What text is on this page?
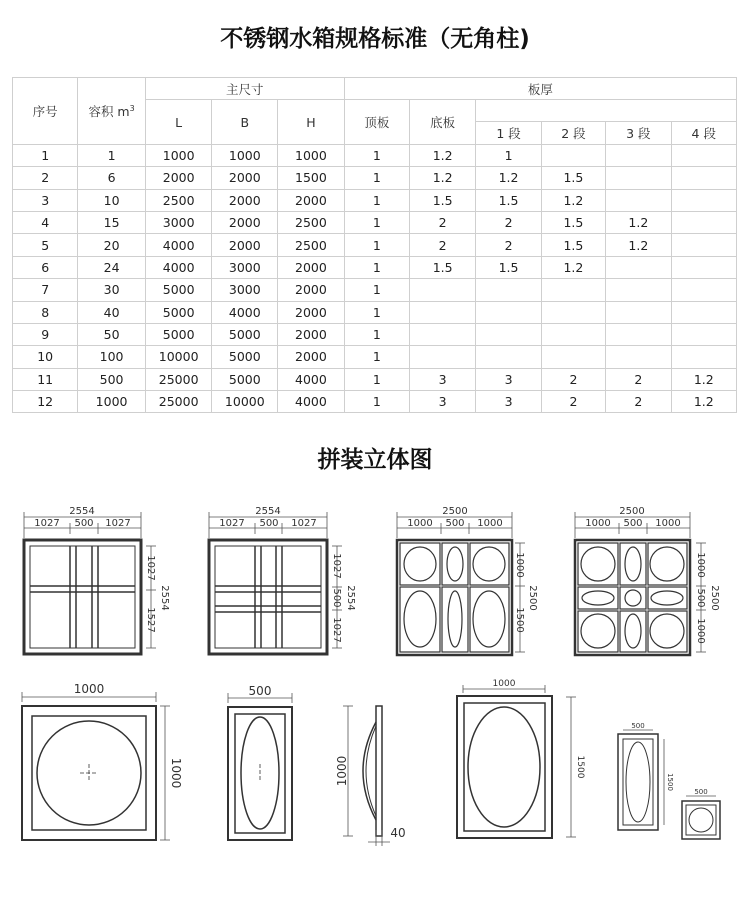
不锈钢水箱规格标准（无角柱)
序号	容积 $m^3$	主尺寸			板厚					
		L	B	H	顶板	底板				
							1 段	2 段	3 段	4 段
1	1	1000	1000	1000	1	1.2	1			
2	6	2000	2000	1500	1	1.2	1.2	1.5		
3	10	2500	2000	2000	1	1.5	1.5	1.2		
4	15	3000	2000	2500	1	2	2	1.5	1.2	
5	20	4000	2000	2500	1	2	2	1.5	1.2	
6	24	4000	3000	2000	1	1.5	1.5	1.2		
7	30	5000	3000	2000	1					
8	40	5000	4000	2000	1					
9	50	5000	5000	2000	1					
10	100	10000	5000	2000	1					
11	500	25000	5000	4000	1	3	3	2	2	1.2
12	1000	25000	10000	4000	1	3	3	2	2	1.2
拼装立体图
2554
1027 500 1027
1027
1527
2554
2554
1027 500 1027
1027
500
1027
2554
2500
1000 500 1000
1000
1500
2500
2500
1000 500 1000
1000
500
1000
2500
1000
1000
500
1000
40
1000
1500
500
1500
500
